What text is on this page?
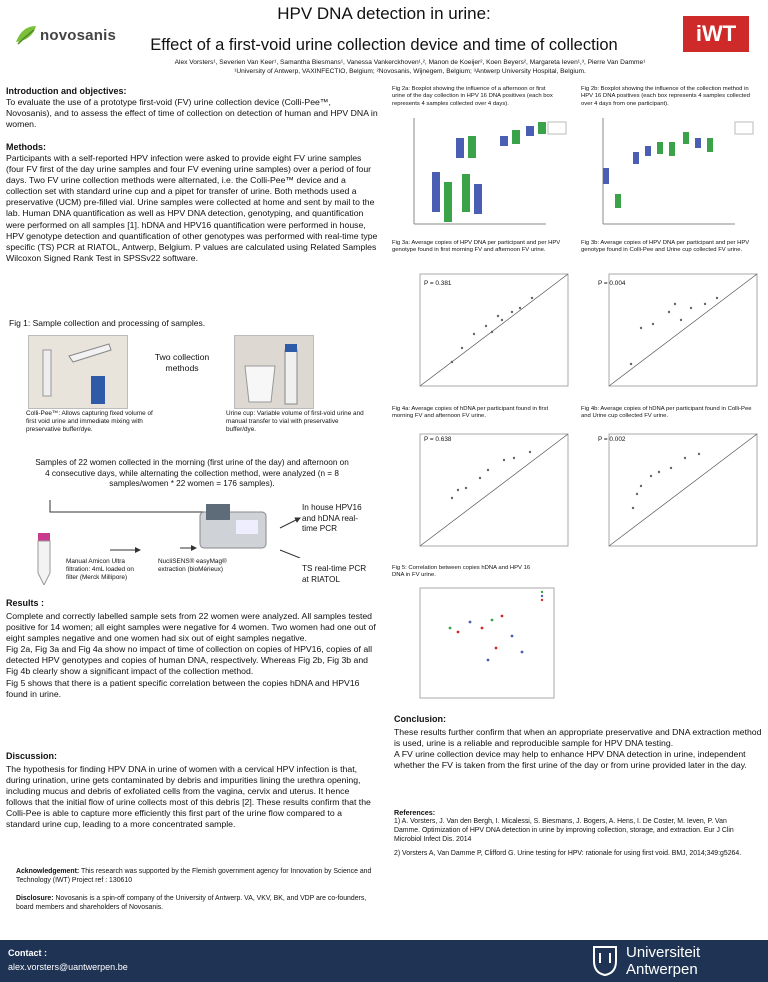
novosanis	iWT
HPV DNA detection in urine:
Effect of a first-void urine collection device and time of collection
Alex Vorsters¹, Severien Van Keer¹, Samantha Biesmans¹, Vanessa Vankerckhoven¹,², Manon de Koeijer², Koen Beyers², Margareta Ieven¹,³, Pierre Van Damme¹
¹University of Antwerp, VAXINFECTIO, Belgium; ²Novosanis, Wijnegem, Belgium; ³Antwerp University Hospital, Belgium.
Introduction and objectives:
To evaluate the use of a prototype first-void (FV) urine collection device (Colli-Pee™, Novosanis), and to assess the effect of time of collection on detection of human and HPV DNA in women.
Methods:
Participants with a self-reported HPV infection were asked to provide eight FV urine samples (four FV first of the day urine samples and four FV evening urine samples) over a period of four days. Two FV urine collection methods were alternated, i.e. the Colli-Pee™ device and a collection set with standard urine cup and a pipet for transfer of urine. Both methods used a preservative (UCM) pre-filled vial. Urine samples were collected at home and sent by mail to the lab. Human DNA quantification as well as HPV DNA detection, genotyping, and quantification were performed on all samples [1]. hDNA and HPV16 quantification were performed in house, HPV genotype detection and quantification of other genotypes was performed with real-time type specific (TS) PCR at RIATOL, Antwerp, Belgium. P values are calculated using Related Samples Wilcoxon Signed Rank Test in SPSSv22 software.
Fig 1: Sample collection and processing of samples.
Two collection methods
Colli-Pee™: Allows capturing fixed volume of first void urine and immediate mixing with preservative buffer/dye.
Urine cup: Variable volume of first-void urine and manual transfer to vial with preservative buffer/dye.
Samples of 22 women collected in the morning (first urine of the day) and afternoon on 4 consecutive days, while alternating the collection method, were analyzed (n = 8 samples/women * 22 women = 176 samples).
Manual Amicon Ultra filtration: 4mL loaded on filter (Merck Millipore)
NucliSENS® easyMag® extraction (bioMérieux)
In house HPV16 and hDNA real-time PCR
TS real-time PCR at RIATOL
Results :
Complete and correctly labelled sample sets from 22 women were analyzed. All samples tested positive for 14 women; all eight samples were negative for 4 women. Two women had one out of eight samples negative and one women had six out of eight samples negative.
Fig 2a, Fig 3a and Fig 4a show no impact of time of collection on copies of HPV16, copies of all detected HPV genotypes and copies of human DNA, respectively. Whereas Fig 2b, Fig 3b and Fig 4b clearly show a significant impact of the collection method.
Fig 5 shows that there is a patient specific correlation between the copies hDNA and HPV16 found in urine.
Discussion:
The hypothesis for finding HPV DNA in urine of women with a cervical HPV infection is that, during urination, urine gets contaminated by debris and impurities lining the urethra opening, including mucus and debris of exfoliated cells from the vagina, cervix and uterus. It hence follows that the initial flow of urine collects most of this debris [2]. These results confirm that the Colli-Pee is able to capture more efficiently this first part of the urine flow compared to a standard urine cup, leading to a more concentrated sample.
Acknowledgement: This research was supported by the Flemish government agency for Innovation by Science and Technology (IWT) Project ref : 130610
Disclosure: Novosanis is a spin-off company of the University of Antwerp. VA, VKV, BK, and VDP are co-founders, board members and shareholders of Novosanis.
Fig 2a: Boxplot showing the influence of a afternoon or first urine of the day collection in HPV 16 DNA positives (each box represents 4 samples collected over 4 days).
Fig 2b: Boxplot showing the influence of the collection method in HPV 16 DNA positives (each box represents 4 samples collected over 4 days from one participant).
Fig 3a: Average copies of HPV DNA per participant and per HPV genotype found in first morning FV and afternoon FV urine.
Fig 3b: Average copies of HPV DNA per participant and per HPV genotype found in Colli-Pee and Urine cup collected FV urine.
P = 0.381	P = 0.004
Fig 4a: Average copies of hDNA per participant found in first morning FV and afternoon FV urine.
Fig 4b: Average copies of hDNA per participant found in Colli-Pee and Urine cup collected FV urine.
P = 0.638	P = 0.002
Fig 5: Correlation between copies hDNA and HPV 16 DNA in FV urine.
Conclusion:
These results further confirm that when an appropriate preservative and DNA extraction method is used, urine is a reliable and reproducible sample for HPV DNA testing.
A FV urine collection device may help to enhance HPV DNA detection in urine, independent whether the FV is taken from the first urine of the day or from urine provided later in the day.
References:
1) A. Vorsters, J. Van den Bergh, I. Micalessi, S. Biesmans, J. Bogers, A. Hens, I. De Coster, M. Ieven, P. Van Damme. Optimization of HPV DNA detection in urine by improving collection, storage, and extraction. Eur J Clin Microbiol Infect Dis. 2014
2) Vorsters A, Van Damme P, Clifford G. Urine testing for HPV: rationale for using first void. BMJ, 2014;349:g5264.
Contact :
alex.vorsters@uantwerpen.be
Universiteit
Antwerpen
